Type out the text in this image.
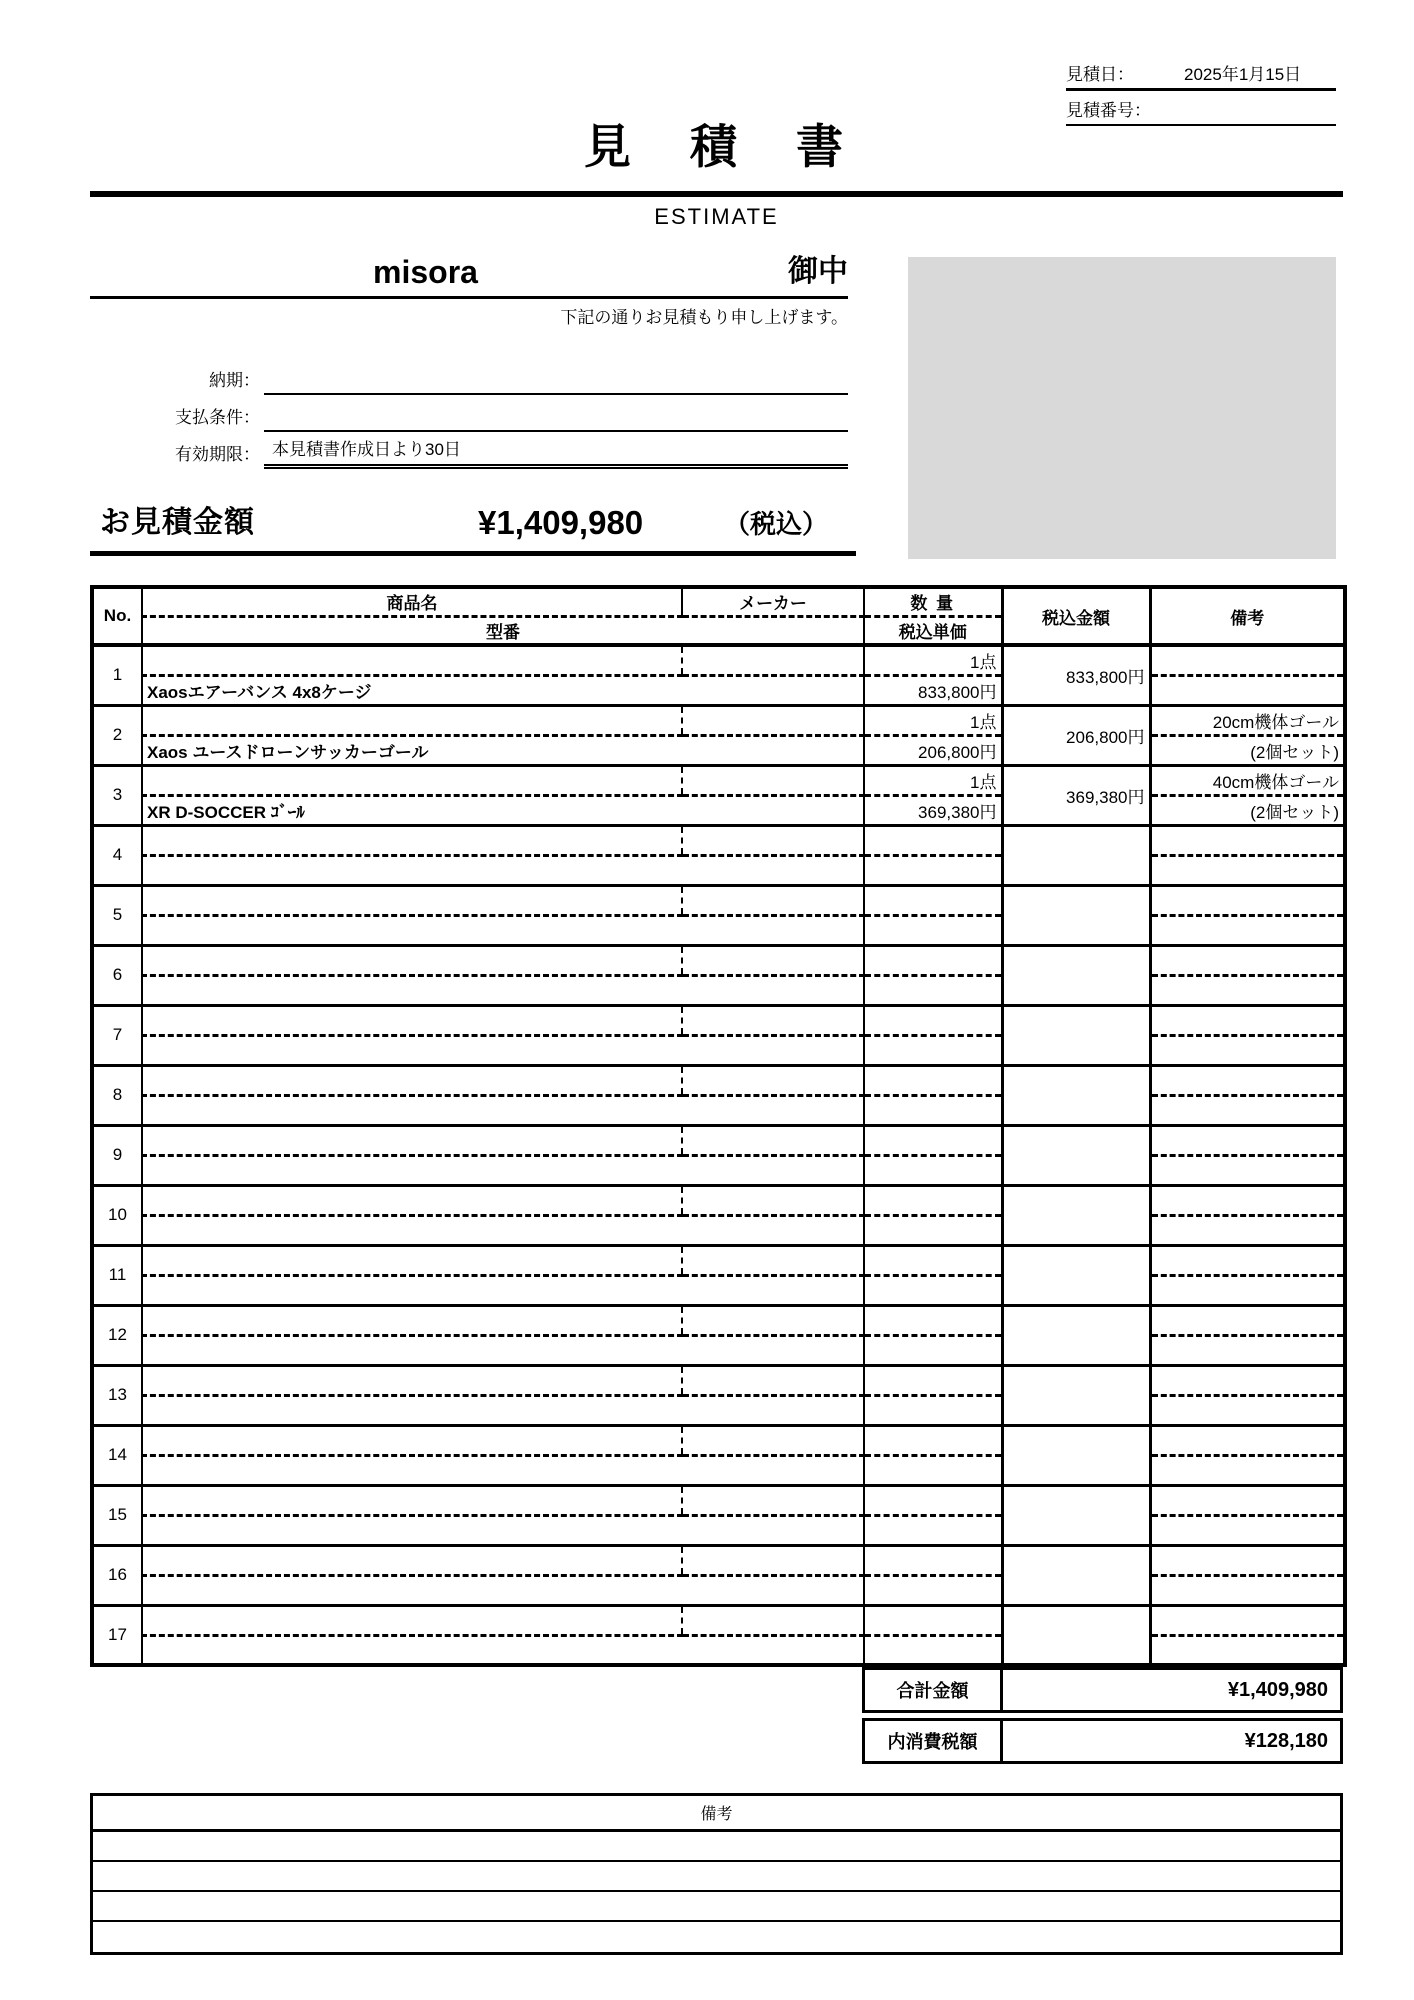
見積日：	2025年1月15日
見積番号：
見　積　書
ESTIMATE
misora	御中
下記の通りお見積もり申し上げます。
納期：
支払条件：
有効期限： 本見積書作成日より30日
お見積金額	¥1,409,980	（税込）
No.	商品名	メーカー	数 量	税込金額	備考
	型番		税込単価		
1			1点	833,800円	
	Xaosエアーバンス 4x8ケージ		833,800円		
2			1点	206,800円	20cm機体ゴール
	Xaos ユースドローンサッカーゴール		206,800円		(2個セット)
3			1点	369,380円	40cm機体ゴール
	XR D-SOCCER ｺﾞｰﾙ		369,380円		(2個セット)
4					

5					

6					

7					

8					

9					

10					

11					

12					

13					

14					

15					

16					

17					

合計金額	¥1,409,980
内消費税額	¥128,180
備考
